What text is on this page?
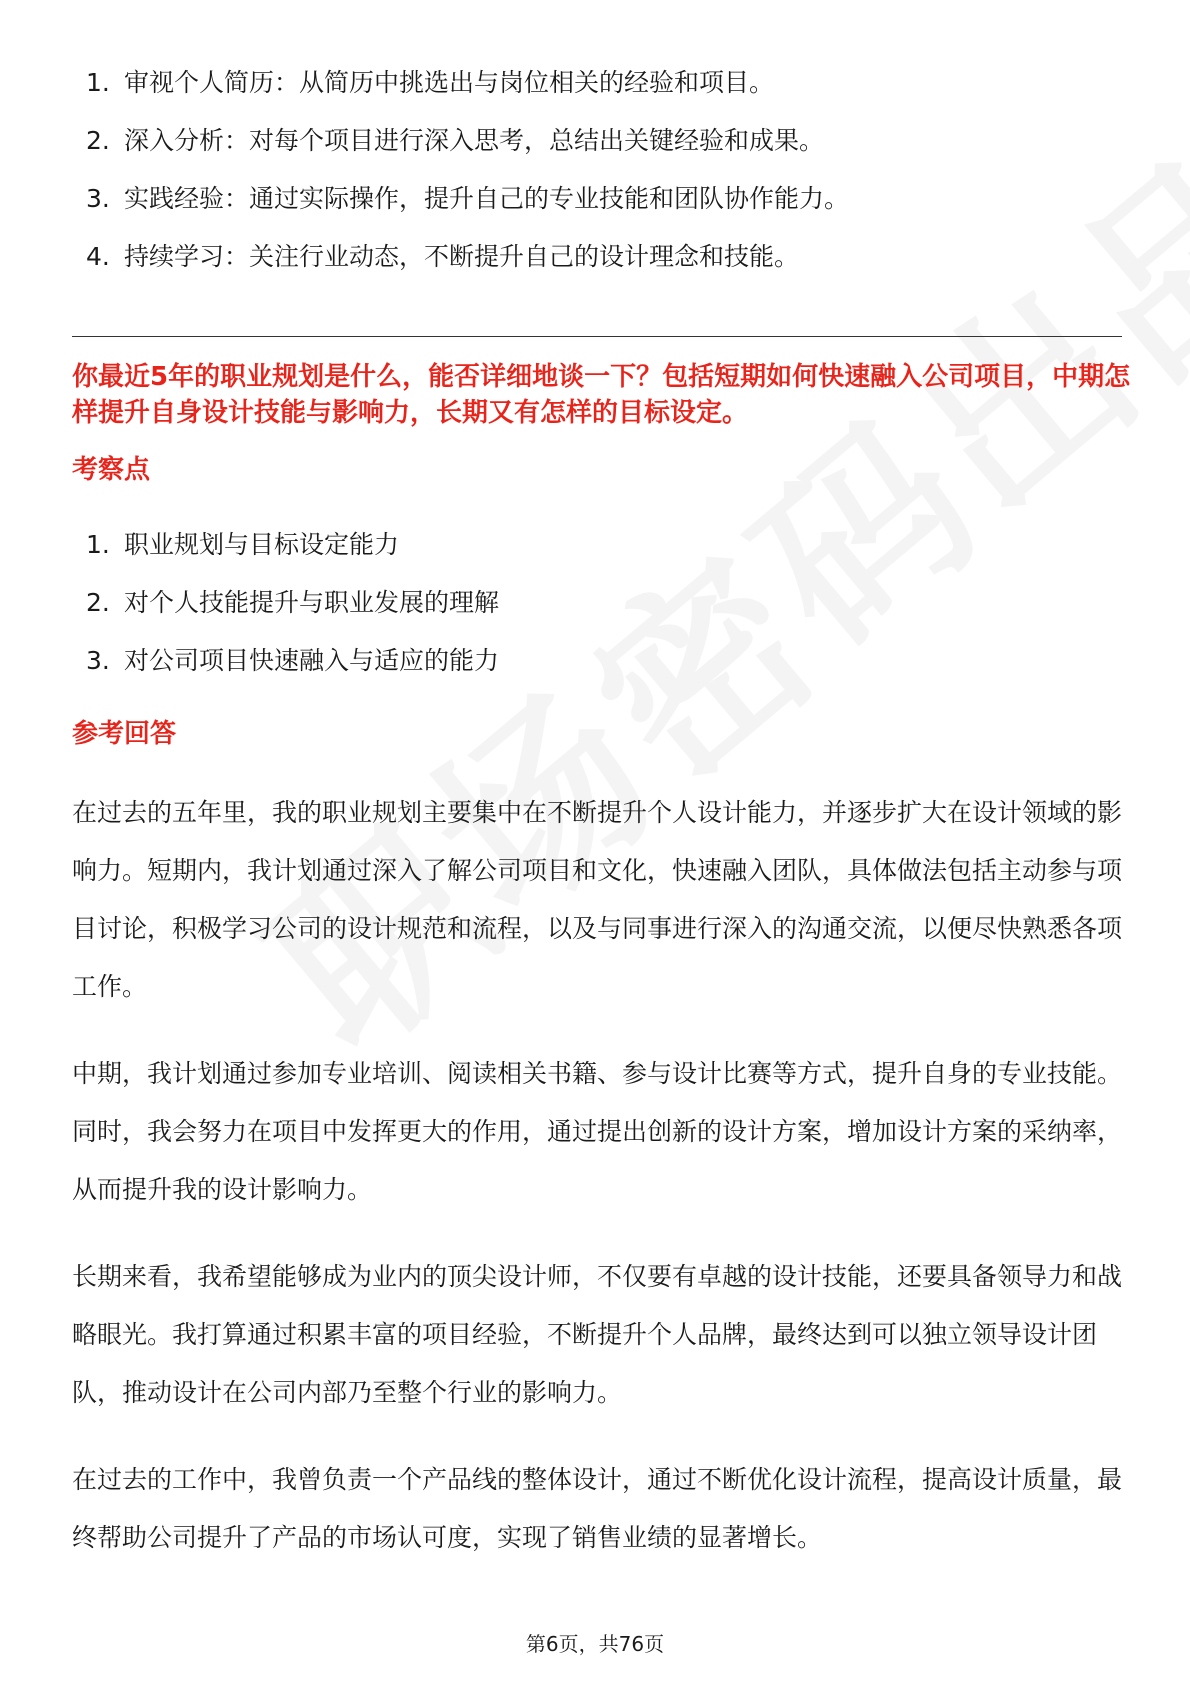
1. 审视个人简历：从简历中挑选出与岗位相关的经验和项目。
2. 深入分析：对每个项目进行深入思考，总结出关键经验和成果。
3. 实践经验：通过实际操作，提升自己的专业技能和团队协作能力。
4. 持续学习：关注行业动态，不断提升自己的设计理念和技能。

你最近5年的职业规划是什么，能否详细地谈一下？包括短期如何快速融入公司项目，中期怎样提升自身设计技能与影响力，长期又有怎样的目标设定。

考察点

1. 职业规划与目标设定能力
2. 对个人技能提升与职业发展的理解
3. 对公司项目快速融入与适应的能力

参考回答

在过去的五年里，我的职业规划主要集中在不断提升个人设计能力，并逐步扩大在设计领域的影响力。短期内，我计划通过深入了解公司项目和文化，快速融入团队，具体做法包括主动参与项目讨论，积极学习公司的设计规范和流程，以及与同事进行深入的沟通交流，以便尽快熟悉各项工作。

中期，我计划通过参加专业培训、阅读相关书籍、参与设计比赛等方式，提升自身的专业技能。同时，我会努力在项目中发挥更大的作用，通过提出创新的设计方案，增加设计方案的采纳率，从而提升我的设计影响力。

长期来看，我希望能够成为业内的顶尖设计师，不仅要有卓越的设计技能，还要具备领导力和战略眼光。我打算通过积累丰富的项目经验，不断提升个人品牌，最终达到可以独立领导设计团队，推动设计在公司内部乃至整个行业的影响力。

在过去的工作中，我曾负责一个产品线的整体设计，通过不断优化设计流程，提高设计质量，最终帮助公司提升了产品的市场认可度，实现了销售业绩的显著增长。

第6页，共76页
